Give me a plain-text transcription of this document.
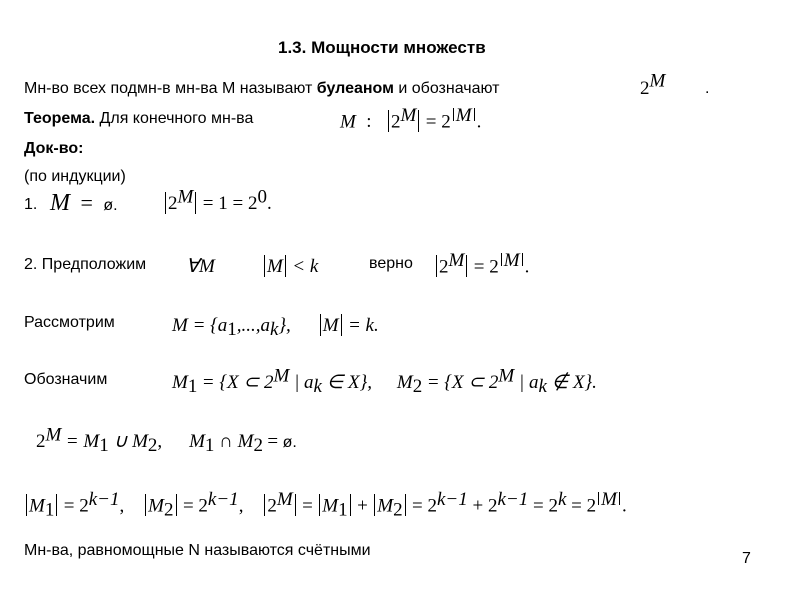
1.3. Мощности множеств
Мн-во всех подмн-в мн-ва М называют булеаном и обозначают	$2^M$ .
Теорема. Для конечного мн-ва	M : $2^M = 2$ $^M$ .
Док-во:
(по индукции)
1. M = ø.	$2^M = 1 = 2^0$.
2. Предположим ∀M	M < k	верно $2^M = 2$ $^M$ .
Рассмотрим	$M = \{a_1,...,a_k\}$, M = k.
Обозначим	$M_1 = \{X$ ⊂ $2^M$ | $a_k$ ∈ X}, $M_2 = \{X$ ⊂ $2^M$ | $a_k$ ∉ X}.
$2^M = M_1$ ∪ $M_2$, $M_1$ ∩ $M_2$ = ø.
$M_1 = 2^{k-1}$, $M_2 = 2^{k-1}$, $2^M = M_1 + M_2 = 2^{k-1} + 2^{k-1} = 2^k = 2$ $^M$ .
Мн-ва, равномощные N называются счётными	7
